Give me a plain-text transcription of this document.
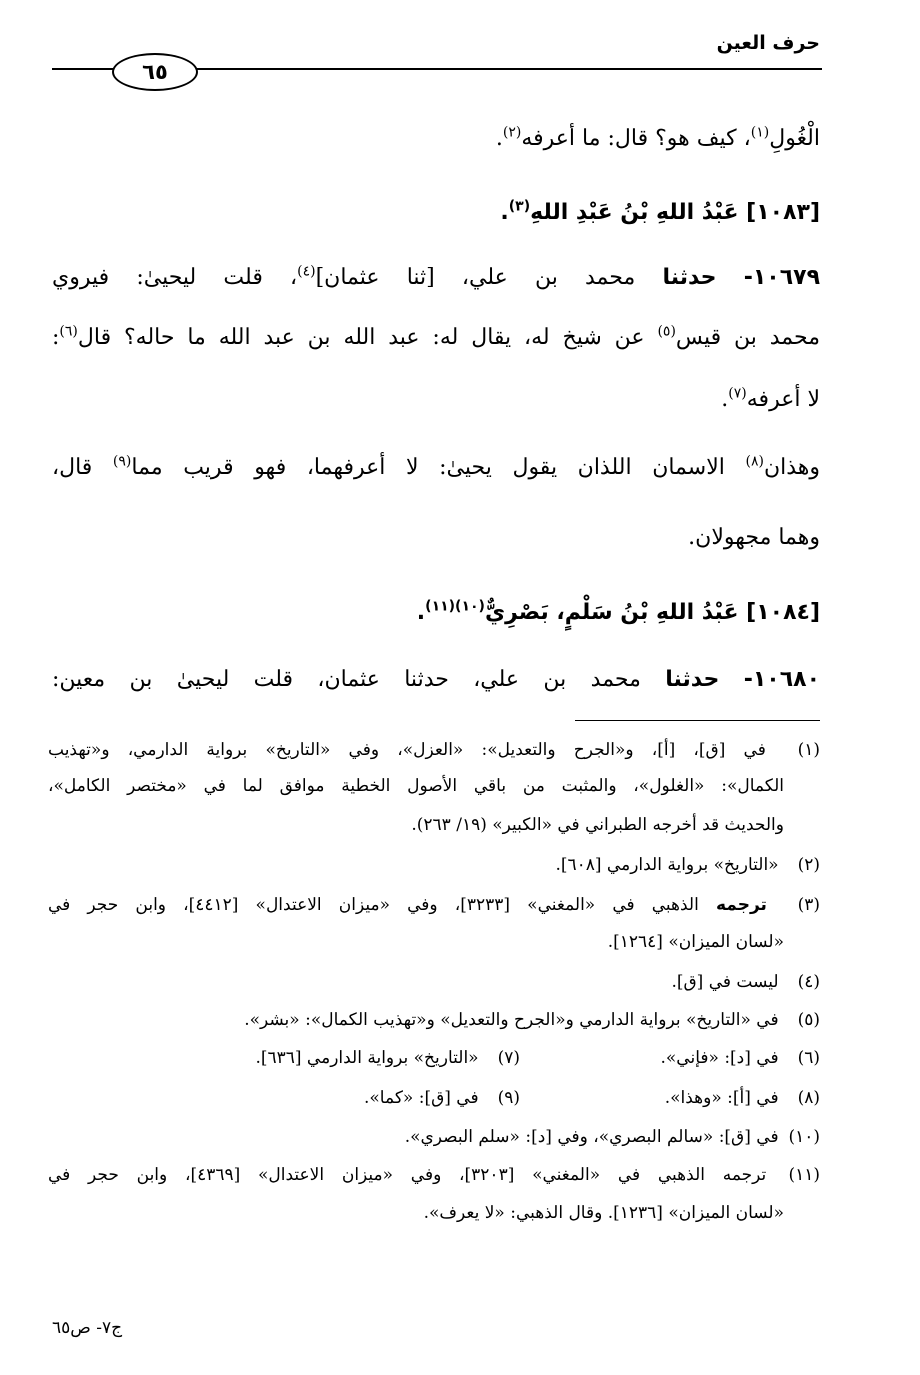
٦٥
حرف العين
الْغُولِ$^{(١)}$، كيف هو؟ قال: ما أعرفه$^{(٢)}$.
[١٠٨٣] عَبْدُ اللهِ بْنُ عَبْدِ اللهِ$^{(٣)}$.
١٠٦٧٩- حدثنا محمد بن علي، [ثنا عثمان]$^{(٤)}$، قلت ليحيىٰ: فيروي
محمد بن قيس$^{(٥)}$ عن شيخ له، يقال له: عبد الله بن عبد الله ما حاله؟ قال$^{(٦)}$:
لا أعرفه$^{(٧)}$.
وهذان$^{(٨)}$ الاسمان اللذان يقول يحيىٰ: لا أعرفهما، فهو قريب مما$^{(٩)}$ قال،
وهما مجهولان.
[١٠٨٤] عَبْدُ اللهِ بْنُ سَلْمٍ، بَصْرِيٌّ$^{(١٠)(١١)}$.
١٠٦٨٠- حدثنا محمد بن علي، حدثنا عثمان، قلت ليحيىٰ بن معين:
(١) في [ق]، [أ]، و«الجرح والتعديل»: «العزل»، وفي «التاريخ» برواية الدارمي، و«تهذيب
الكمال»: «الغلول»، والمثبت من باقي الأصول الخطية موافق لما في «مختصر الكامل»،
والحديث قد أخرجه الطبراني في «الكبير» (١٩/ ٢٦٣).
(٢) «التاريخ» برواية الدارمي [٦٠٨].
(٣) ترجمه الذهبي في «المغني» [٣٢٣٣]، وفي «ميزان الاعتدال» [٤٤١٢]، وابن حجر في
«لسان الميزان» [١٢٦٤].
(٤) ليست في [ق].
(٥) في «التاريخ» برواية الدارمي و«الجرح والتعديل» و«تهذيب الكمال»: «بشر».
(٦) في [د]: «فإني».
(٧) «التاريخ» برواية الدارمي [٦٣٦].
(٨) في [أ]: «وهذا».
(٩) في [ق]: «كما».
(١٠) في [ق]: «سالم البصري»، وفي [د]: «سلم البصري».
(١١) ترجمه الذهبي في «المغني» [٣٢٠٣]، وفي «ميزان الاعتدال» [٤٣٦٩]، وابن حجر في
«لسان الميزان» [١٢٣٦]. وقال الذهبي: «لا يعرف».
ج٧- ص٦٥
